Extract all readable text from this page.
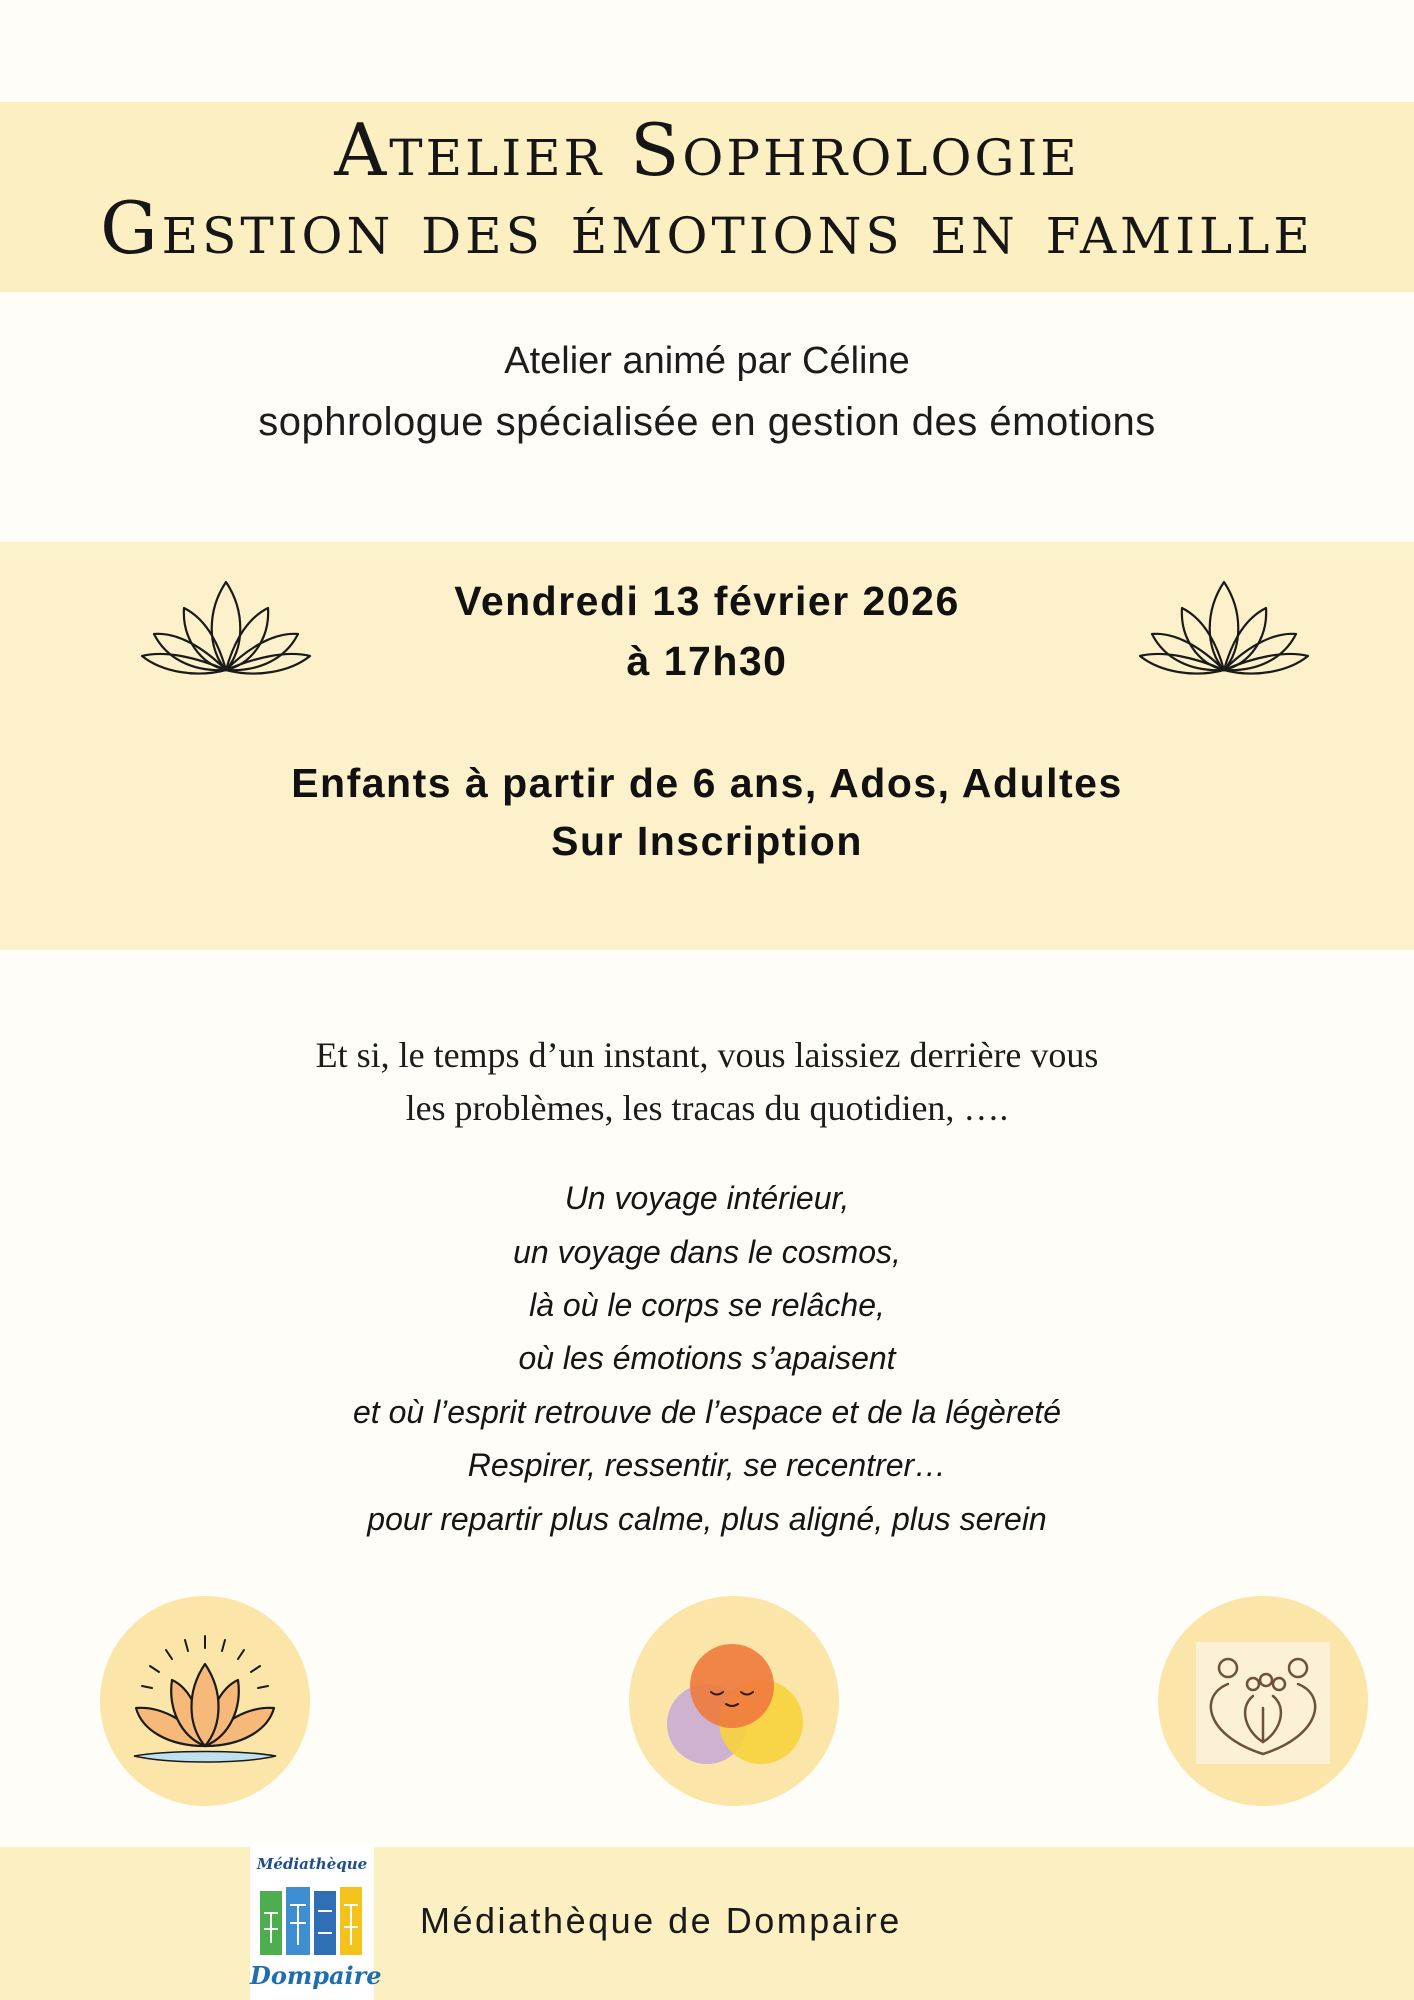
Atelier Sophrologie
Gestion des émotions en famille
Atelier animé par Céline
sophrologue spécialisée en gestion des émotions
Vendredi 13 février 2026
à 17h30
Enfants à partir de 6 ans, Ados, Adultes
Sur Inscription
Et si, le temps d’un instant, vous laissiez derrière vous
les problèmes, les tracas du quotidien, ….
Un voyage intérieur,
un voyage dans le cosmos,
là où le corps se relâche,
où les émotions s’apaisent
et où l’esprit retrouve de l’espace et de la légèreté
Respirer, ressentir, se recentrer…
pour repartir plus calme, plus aligné, plus serein
Médiathèque
Dompaire
Médiathèque de Dompaire
